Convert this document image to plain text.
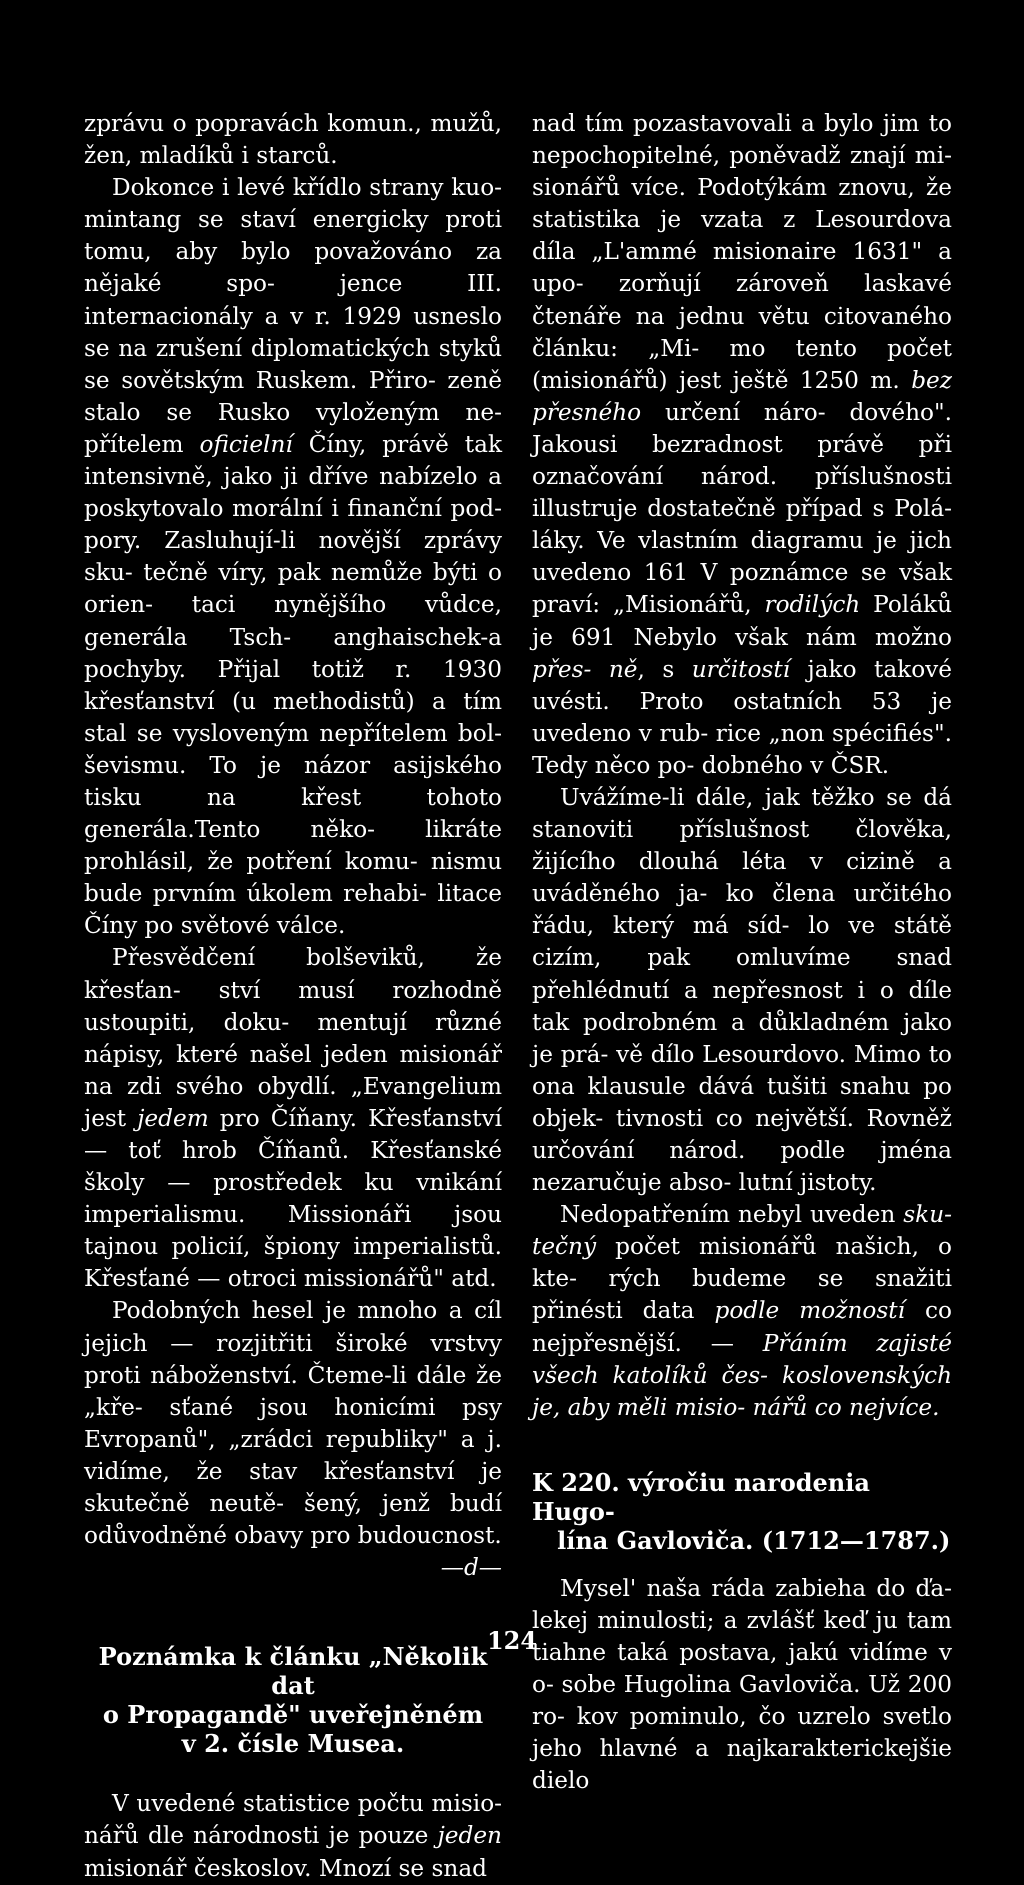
zprávu o popravách komun., mužů, žen, mladíků i starců.

Dokonce i levé křídlo strany kuo- mintang se staví energicky proti tomu, aby bylo považováno za nějaké spo-	jence III. internacionály a v r. 1929 usneslo se na zrušení diplomatických styků se sovětským Ruskem. Přiro- zeně stalo se Rusko vyloženým ne- přítelem oficielní Číny, právě tak intensivně, jako ji dříve nabízelo a poskytovalo morální i finanční pod- pory. Zasluhují-li novější zprávy sku- tečně víry, pak nemůže býti o orien- taci nynějšího vůdce, generála Tsch- anghaischek-a pochyby. Přijal totiž r. 1930 křesťanství (u methodistů) a tím stal se vysloveným nepřítelem bol- ševismu. To je názor asijského tisku	na křest tohoto generála.Tento něko- likráte prohlásil, že potření komu- nismu bude prvním úkolem rehabi- litace Číny po světové válce.

Přesvědčení bolševiků, že křesťan- ství musí rozhodně ustoupiti, doku- mentují různé nápisy, které našel jeden misionář na zdi svého obydlí. „Evangelium jest jedem pro Číňany. Křesťanství — toť hrob Číňanů. Křesťanské školy — prostředek ku vnikání imperialismu. Missionáři jsou tajnou policií, špiony imperialistů. Křesťané — otroci missionářů" atd.

Podobných hesel je mnoho a cíl jejich — rozjitřiti široké vrstvy proti náboženství. Čteme-li dále že „kře- sťané jsou honicími psy Evropanů", „zrádci republiky" a j. vidíme, že stav křesťanství je skutečně neutě- šený, jenž budí odůvodněné obavy pro budoucnost.

—d—

Poznámka k článku „Několik dat
o Propagandě" uveřejněném
v 2. čísle Musea.

V uvedené statistice počtu misio- nářů dle národnosti je pouze jeden misionář českoslov. Mnozí se snad

nad tím pozastavovali a bylo jim to nepochopitelné, poněvadž znají mi- sionářů více. Podotýkám znovu, že statistika je vzata z Lesourdova díla „L'ammé misionaire 1631" a upo- zorňují zároveň laskavé čtenáře na jednu větu citovaného článku: „Mi- mo tento počet (misionářů) jest ještě 1250 m. bez přesného určení náro- dového". Jakousi bezradnost právě při označování národ. příslušnosti illustruje dostatečně případ s Polá- láky. Ve vlastním diagramu je jich uvedeno 161 V poznámce se však praví: „Misionářů, rodilých Poláků je 691 Nebylo však nám možno přes- ně, s určitostí jako takové uvésti. Proto ostatních 53 je uvedeno v rub- rice „non spécifiés". Tedy něco po- dobného v ČSR.

Uvážíme-li dále, jak těžko se dá stanoviti příslušnost člověka, žijícího dlouhá léta v cizině a uváděného ja- ko člena určitého řádu, který má síd- lo ve státě cizím, pak omluvíme snad přehlédnutí a nepřesnost i o díle tak podrobném a důkladném jako je prá- vě dílo Lesourdovo. Mimo to ona klausule dává tušiti snahu po objek- tivnosti co největší. Rovněž určování národ. podle jména nezaručuje abso- lutní jistoty.

Nedopatřením nebyl uveden sku- tečný počet misionářů našich, o kte- rých budeme se snažiti přinésti data podle možností co nejpřesnější. — Přáním zajisté všech katolíků čes- koslovenských je, aby měli misio- nářů co nejvíce.

K 220. výročiu narodenia Hugo-
lína Gavloviča. (1712—1787.)

Mysel' naša ráda zabieha do ďa- lekej minulosti; a zvlášť keď ju tam tiahne taká postava, jakú vidíme v o- sobe Hugolina Gavloviča. Už 200 ro- kov pominulo, čo uzrelo svetlo jeho hlavné a najkarakterickejšie dielo

124
